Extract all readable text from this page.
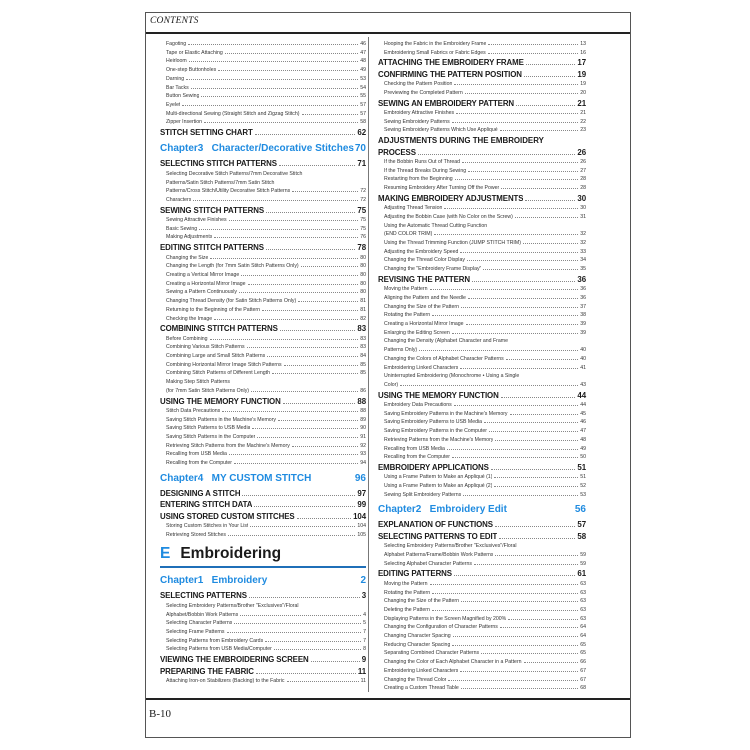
CONTENTS
Fagoting	46
Tape or Elastic Attaching	47
Heirloom	48
One-step Buttonholes	49
Darning	53
Bar Tacks	54
Button Sewing	55
Eyelet	57
Multi-directional Sewing (Straight Stitch and Zigzag Stitch)	57
Zipper Insertion	58
STITCH SETTING CHART	62
Chapter3   Character/Decorative Stitches 70
SELECTING STITCH PATTERNS	71
Selecting Decorative Stitch Patterns/7mm Decorative Stitch
Patterns/Satin Stitch Patterns/7mm Satin Stitch
Patterns/Cross Stitch/Utility Decorative Stitch Patterns	72
Characters	72
SEWING STITCH PATTERNS	75
Sewing Attractive Finishes	75
Basic Sewing	75
Making Adjustments	76
EDITING STITCH PATTERNS	78
Changing the Size	80
Changing the Length (for 7mm Satin Stitch Patterns Only)	80
Creating a Vertical Mirror Image	80
Creating a Horizontal Mirror Image	80
Sewing a Pattern Continuously	80
Changing Thread Density (for Satin Stitch Patterns Only)	81
Returning to the Beginning of the Pattern	81
Checking the Image	82
COMBINING STITCH PATTERNS	83
Before Combining	83
Combining Various Stitch Patterns	83
Combining Large and Small Stitch Patterns	84
Combining Horizontal Mirror Image Stitch Patterns	85
Combining Stitch Patterns of Different Length	85
Making Step Stitch Patterns
(for 7mm Satin Stitch Patterns Only)	86
USING THE MEMORY FUNCTION	88
Stitch Data Precautions	88
Saving Stitch Patterns in the Machine's Memory	89
Saving Stitch Patterns to USB Media	90
Saving Stitch Patterns in the Computer	91
Retrieving Stitch Patterns from the Machine's Memory	92
Recalling from USB Media	93
Recalling from the Computer	94
Chapter4   MY CUSTOM STITCH	96
DESIGNING A STITCH	97
ENTERING STITCH DATA	99
USING STORED CUSTOM STITCHES	104
Storing Custom Stitches in Your List	104
Retrieving Stored Stitches	105
E Embroidering
Chapter1   Embroidery	2
SELECTING PATTERNS	3
Selecting Embroidery Patterns/Brother "Exclusives"/Floral
Alphabet/Bobbin Work Patterns	4
Selecting Character Patterns	5
Selecting Frame Patterns	7
Selecting Patterns from Embroidery Cards	7
Selecting Patterns from USB Media/Computer	8
VIEWING THE EMBROIDERING SCREEN	9
PREPARING THE FABRIC	11
Attaching Iron-on Stabilizers (Backing) to the Fabric	11
Hooping the Fabric in the Embroidery Frame	13
Embroidering Small Fabrics or Fabric Edges	16
ATTACHING THE EMBROIDERY FRAME	17
CONFIRMING THE PATTERN POSITION	19
Checking the Pattern Position	19
Previewing the Completed Pattern	20
SEWING AN EMBROIDERY PATTERN	21
Embroidery Attractive Finishes	21
Sewing Embroidery Patterns	22
Sewing Embroidery Patterns Which Use Appliqué	23
ADJUSTMENTS DURING THE EMBROIDERY
PROCESS	26
If the Bobbin Runs Out of Thread	26
If the Thread Breaks During Sewing	27
Restarting from the Beginning	28
Resuming Embroidery After Turning Off the Power	28
MAKING EMBROIDERY ADJUSTMENTS	30
Adjusting Thread Tension	30
Adjusting the Bobbin Case (with No Color on the Screw)	31
Using the Automatic Thread Cutting Function
(END COLOR TRIM)	32
Using the Thread Trimming Function (JUMP STITCH TRIM)	32
Adjusting the Embroidery Speed	33
Changing the Thread Color Display	34
Changing the "Embroidery Frame Display"	35
REVISING THE PATTERN	36
Moving the Pattern	36
Aligning the Pattern and the Needle	36
Changing the Size of the Pattern	37
Rotating the Pattern	38
Creating a Horizontal Mirror Image	39
Enlarging the Editing Screen	39
Changing the Density (Alphabet Character and Frame
Patterns Only)	40
Changing the Colors of Alphabet Character Patterns	40
Embroidering Linked Characters	41
Uninterrupted Embroidering (Monochrome • Using a Single
Color)	43
USING THE MEMORY FUNCTION	44
Embroidery Data Precautions	44
Saving Embroidery Patterns in the Machine's Memory	45
Saving Embroidery Patterns to USB Media	46
Saving Embroidery Patterns in the Computer	47
Retrieving Patterns from the Machine's Memory	48
Recalling from USB Media	49
Recalling from the Computer	50
EMBROIDERY APPLICATIONS	51
Using a Frame Pattern to Make an Appliqué (1)	51
Using a Frame Pattern to Make an Appliqué (2)	52
Sewing Split Embroidery Patterns	53
Chapter2   Embroidery Edit	56
EXPLANATION OF FUNCTIONS	57
SELECTING PATTERNS TO EDIT	58
Selecting Embroidery Patterns/Brother "Exclusives"/Floral
Alphabet Patterns/Frame/Bobbin Work Patterns	59
Selecting Alphabet Character Patterns	59
EDITING PATTERNS	61
Moving the Pattern	63
Rotating the Pattern	63
Changing the Size of the Pattern	63
Deleting the Pattern	63
Displaying Patterns in the Screen Magnified by 200%	63
Changing the Configuration of Character Patterns	64
Changing Character Spacing	64
Reducing Character Spacing	65
Separating Combined Character Patterns	65
Changing the Color of Each Alphabet Character in a Pattern	66
Embroidering Linked Characters	67
Changing the Thread Color	67
Creating a Custom Thread Table	68
B-10
